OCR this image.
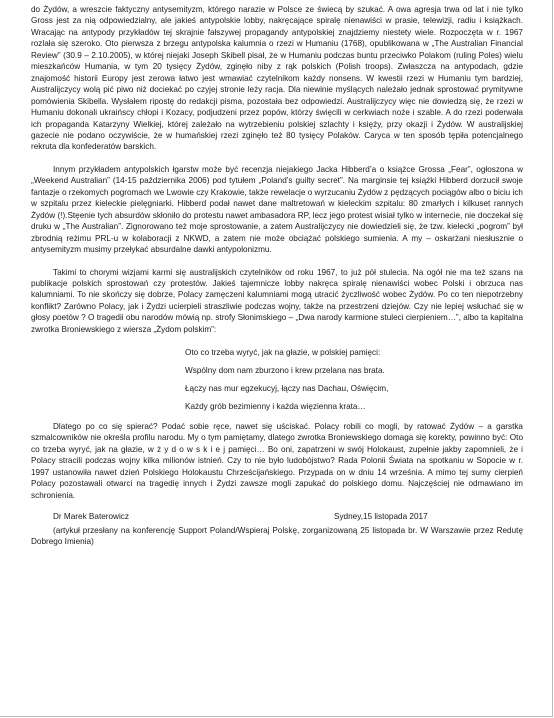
do Żydów, a wreszcie faktyczny antysemityzm, którego narazie w Polsce ze świecą by szukać. A owa agresja trwa od lat i nie tylko Gross jest za nią odpowiedzialny, ale jakieś antypolskie lobby, nakręcające spiralę nienawiści w prasie, telewizji, radiu i książkach. Wracając na antypody przykładów tej skrajnie fałszywej propagandy antypolskiej znajdziemy niestety wiele. Rozpoczęta w r. 1967 rozlała się szeroko. Oto pierwsza z brzegu antypolska kalumnia o rzezi w Humaniu (1768), opublikowana w „The Australian Financial Review” (30.9 – 2.10.2005), w której niejaki Joseph Skibell pisał, że w Humaniu podczas buntu przeciwko Polakom (ruling Poles) wielu mieszkańców Humania, w tym 20 tysięcy Żydów, zginęło niby z rąk polskich (Polish troops). Zwłaszcza na antypodach, gdzie znajomość historii Europy jest zerowa łatwo jest wmawiać czytelnikom każdy nonsens. W kwestii rzezi w Humaniu tym bardziej, Australijczycy wolą pić piwo niż dociekać po czyjej stronie leży racja. Dla niewinie myślących należało jednak sprostować prymitywne pomówienia Skibella. Wysłałem ripostę do redakcji pisma, pozostała bez odpowiedzi. Australijczycy więc nie dowiedzą się, że rzezi w Humaniu dokonali ukraińscy chłopi i Kozacy, podjudzeni przez popów, którzy święcili w cerkwiach noże i szable. A do rzezi poderwała ich propaganda Katarzyny Wielkiej, której zależało na wytrzebieniu polskiej szlachty i księży, przy okazji i Żydów. W australijskiej gazecie nie podano oczywiście, że w humańskiej rzezi zginęło też 80 tysięcy Polaków. Caryca w ten sposób tępiła potencjalnego rekruta dla konfederatów barskich.

Innym przykładem antypolskich łgarstw może być recenzja niejakiego Jacka Hibberd’a o książce Grossa „Fear”, ogłoszona w „Weekend Australian” (14-15 października 2006) pod tytułem „Poland’s guilty secret”. Na marginsie tej książki Hibberd dorzucił swoje fantazje o rzekomych pogromach we Lwowie czy Krakowie, także rewelacje o wyrzucaniu Żydów z pędzących pociągów albo o biciu ich w szpitalu przez kieleckie pielęgniarki. Hibberd podał nawet dane maltretowań w kieleckim szpitalu: 80 zmarłych i kilkuset rannych Żydów (!).Stęenie tych absurdów skłoniło do protestu nawet ambasadora RP, lecz jego protest wisiał tylko w internecie, nie doczekał się druku w „The Australian”. Zignorowano też moje sprostowanie, a zatem Australijczycy nie dowiedzieli się, że tzw. kielecki „pogrom” był zbrodnią reżimu PRL-u w kolaboracji z NKWD, a zatem nie może obciążać polskiego sumienia. A my – oskarżani niesłusznie o antysemityzm musimy przełykać absurdalne dawki antypolonizmu.

Takimi to chorymi wizjami karmi się australijskich czytelników od roku 1967, to już pół stulecia. Na ogół nie ma też szans na publikacje polskich sprostowań czy protestów. Jakieś tajemnicze lobby nakręca spiralę nienawiści wobec Polski i obrzuca nas kalumniami. To nie skończy się dobrze, Polacy zamęczeni kalumniami mogą utracić życzliwość wobec Żydów. Po co ten niepotrzebny konflikt? Zarówno Polacy, jak i Żydzi ucierpieli straszliwie podczas wojny, także na przestrzeni dziejów. Czy nie lepiej wsłuchać się w głosy poetów ? O tragedii obu narodów mówią np. strofy Słonimskiego – „Dwa narody karmione stuleci cierpieniem…”, albo ta kapitalna zwrotka Broniewskiego z wiersza „Żydom polskim”:

Oto co trzeba wyryć, jak na głazie, w polskiej pamięci:
Wspólny dom nam zburzono i krew przelana nas brata.
Łączy nas mur egzekucyj, łączy nas Dachau, Oświęcim,
Każdy grób bezimienny i każda więzienna krata…

Dlatego po co się spierać? Podać sobie ręce, nawet się uściskać. Polacy robili co mogli, by ratować Żydów – a garstka szmalcowników nie określa profilu narodu. My o tym pamiętamy, dlatego zwrotka Broniewskiego domaga się korekty, powinno być: Oto co trzeba wyryć, jak na głazie, w ż y d o w s k i e j pamięci… Bo oni, zapatrzeni w swój Holokaust, zupełnie jakby zapomnieli, że i Polacy stracili podczas wojny kilka milionów istnień. Czy to nie było ludobójstwo? Rada Polonii Świata na spotkaniu w Sopocie w r. 1997 ustanowiła nawet dzień Polskiego Holokaustu Chrześcijańskiego. Przypada on w dniu 14 września. A mimo tej sumy cierpień Polacy pozostawali otwarci na tragedię innych i Żydzi zawsze mogli zapukać do polskiego domu. Najczęściej nie odmawiano im schronienia.

Dr Marek Baterowicz	Sydney,15 listopada 2017

(artykuł przesłany na konferencję Support Poland/Wspieraj Polskę, zorganizowaną 25 listopada br. W Warszawie przez Redutę Dobrego Imienia)
